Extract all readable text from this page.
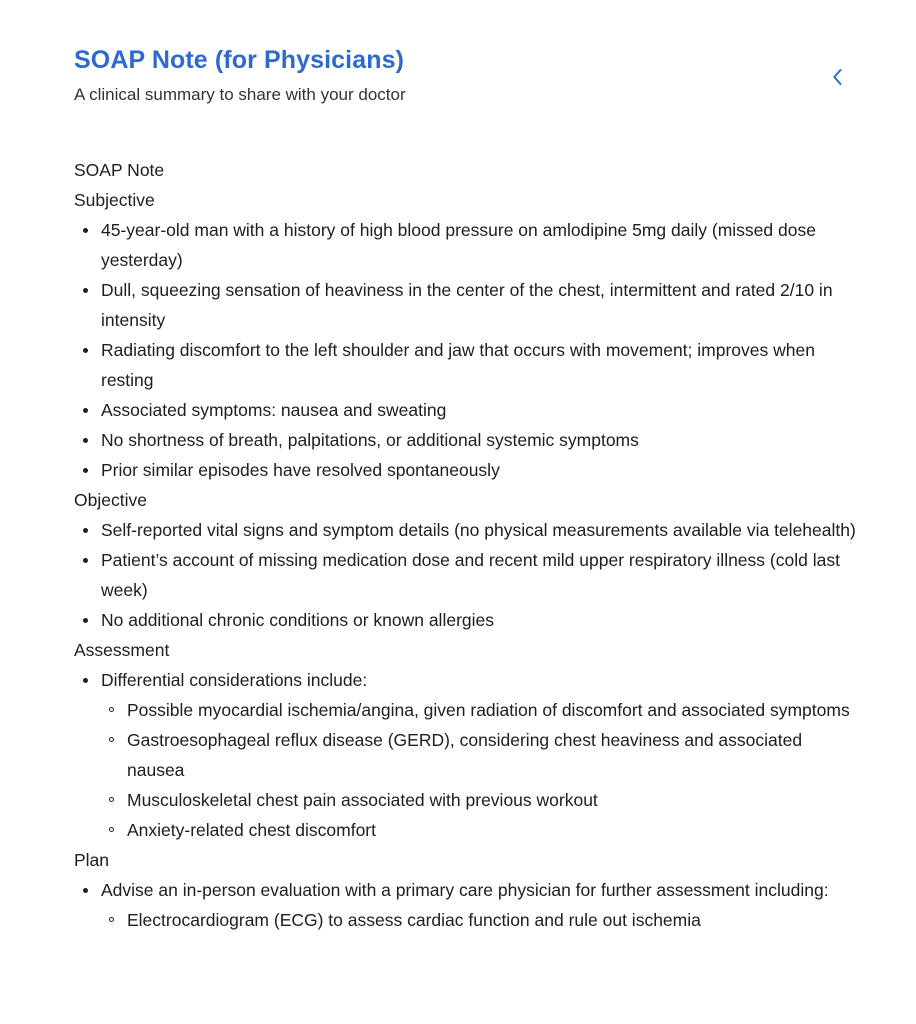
SOAP Note (for Physicians)

A clinical summary to share with your doctor

SOAP Note
Subjective
45-year-old man with a history of high blood pressure on amlodipine 5mg daily (missed dose yesterday)
Dull, squeezing sensation of heaviness in the center of the chest, intermittent and rated 2/10 in intensity
Radiating discomfort to the left shoulder and jaw that occurs with movement; improves when resting
Associated symptoms: nausea and sweating
No shortness of breath, palpitations, or additional systemic symptoms
Prior similar episodes have resolved spontaneously
Objective
Self-reported vital signs and symptom details (no physical measurements available via telehealth)
Patient’s account of missing medication dose and recent mild upper respiratory illness (cold last week)
No additional chronic conditions or known allergies
Assessment
Differential considerations include:
Possible myocardial ischemia/angina, given radiation of discomfort and associated symptoms
Gastroesophageal reflux disease (GERD), considering chest heaviness and associated nausea
Musculoskeletal chest pain associated with previous workout
Anxiety-related chest discomfort
Plan
Advise an in-person evaluation with a primary care physician for further assessment including:
Electrocardiogram (ECG) to assess cardiac function and rule out ischemia
